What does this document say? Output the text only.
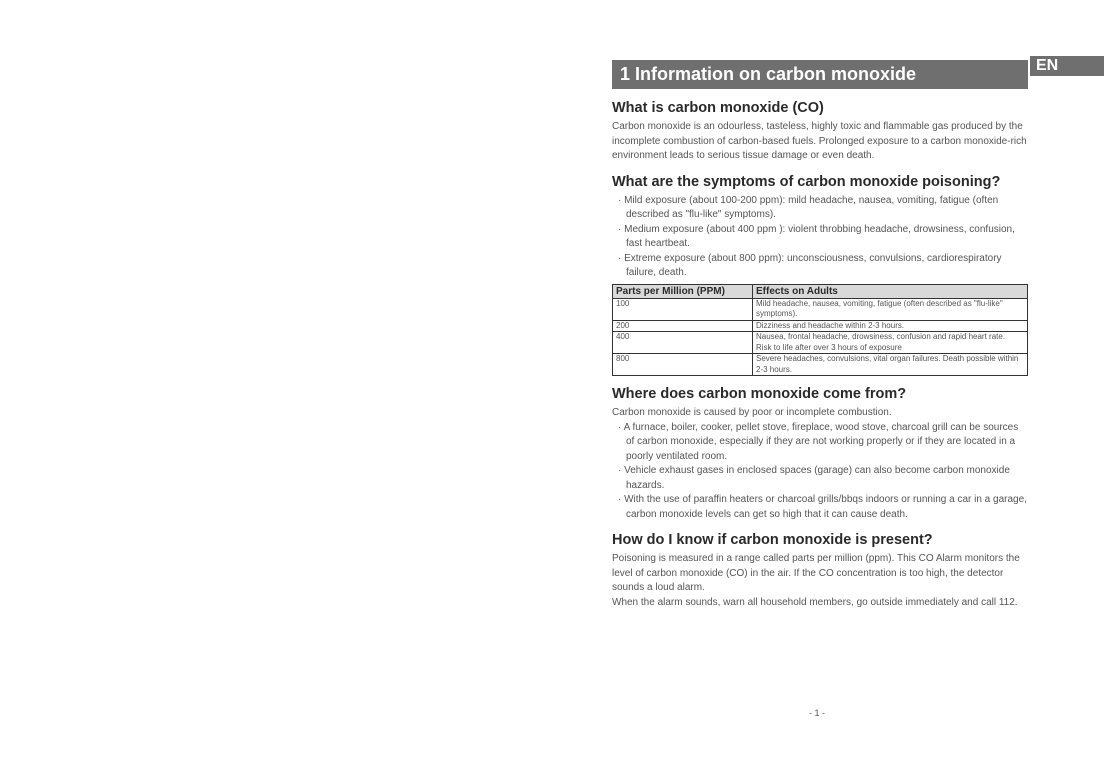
EN
1 Information on carbon monoxide
What is carbon monoxide (CO)

Carbon monoxide is an odourless, tasteless, highly toxic and flammable gas produced by the incomplete combustion of carbon-based fuels. Prolonged exposure to a carbon monoxide-rich environment leads to serious tissue damage or even death.

What are the symptoms of carbon monoxide poisoning?
· Mild exposure (about 100-200 ppm): mild headache, nausea, vomiting, fatigue (often described as "flu-like" symptoms).
· Medium exposure (about 400 ppm ): violent throbbing headache, drowsiness, confusion, fast heartbeat.
· Extreme exposure (about 800 ppm): unconsciousness, convulsions, cardiorespiratory failure, death.
Parts per Million (PPM)	Effects on Adults
100	Mild headache, nausea, vomiting, fatigue (often described as "flu-like" symptoms).
200	Dizziness and headache within 2-3 hours.
400	Nausea, frontal headache, drowsiness, confusion and rapid heart rate.
Risk to life after over 3 hours of exposure

800	Severe headaches, convulsions, vital organ failures. Death possible within 2-3 hours.
Where does carbon monoxide come from?

Carbon monoxide is caused by poor or incomplete combustion.

· A furnace, boiler, cooker, pellet stove, fireplace, wood stove, charcoal grill can be sources of carbon monoxide, especially if they are not working properly or if they are located in a poorly ventilated room.
· Vehicle exhaust gases in enclosed spaces (garage) can also become carbon monoxide hazards.
· With the use of paraffin heaters or charcoal grills/bbqs indoors or running a car in a garage, carbon monoxide levels can get so high that it can cause death.
How do I know if carbon monoxide is present?

Poisoning is measured in a range called parts per million (ppm). This CO Alarm monitors the level of carbon monoxide (CO) in the air. If the CO concentration is too high, the detector sounds a loud alarm.

When the alarm sounds, warn all household members, go outside immediately and call 112.

- 1 -
